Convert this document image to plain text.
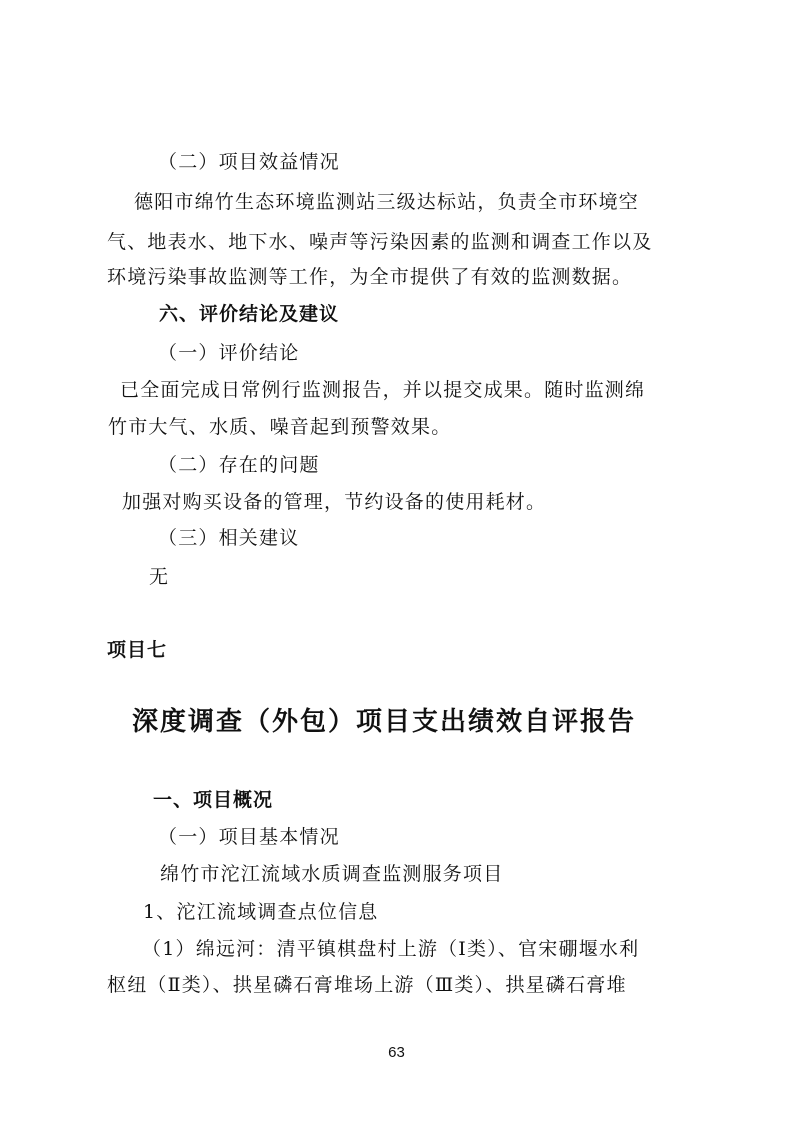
（二）项目效益情况
德阳市绵竹生态环境监测站三级达标站，负责全市环境空
气、地表水、地下水、噪声等污染因素的监测和调查工作以及
环境污染事故监测等工作，为全市提供了有效的监测数据。
六、评价结论及建议
（一）评价结论
已全面完成日常例行监测报告，并以提交成果。随时监测绵
竹市大气、水质、噪音起到预警效果。
（二）存在的问题
加强对购买设备的管理，节约设备的使用耗材。
（三）相关建议
无
项目七
深度调查（外包）项目支出绩效自评报告
一、项目概况
（一）项目基本情况
绵竹市沱江流域水质调查监测服务项目
1、沱江流域调查点位信息
（1）绵远河：清平镇棋盘村上游（Ⅰ类）、官宋硼堰水利
枢纽（Ⅱ类）、拱星磷石膏堆场上游（Ⅲ类）、拱星磷石膏堆
63
